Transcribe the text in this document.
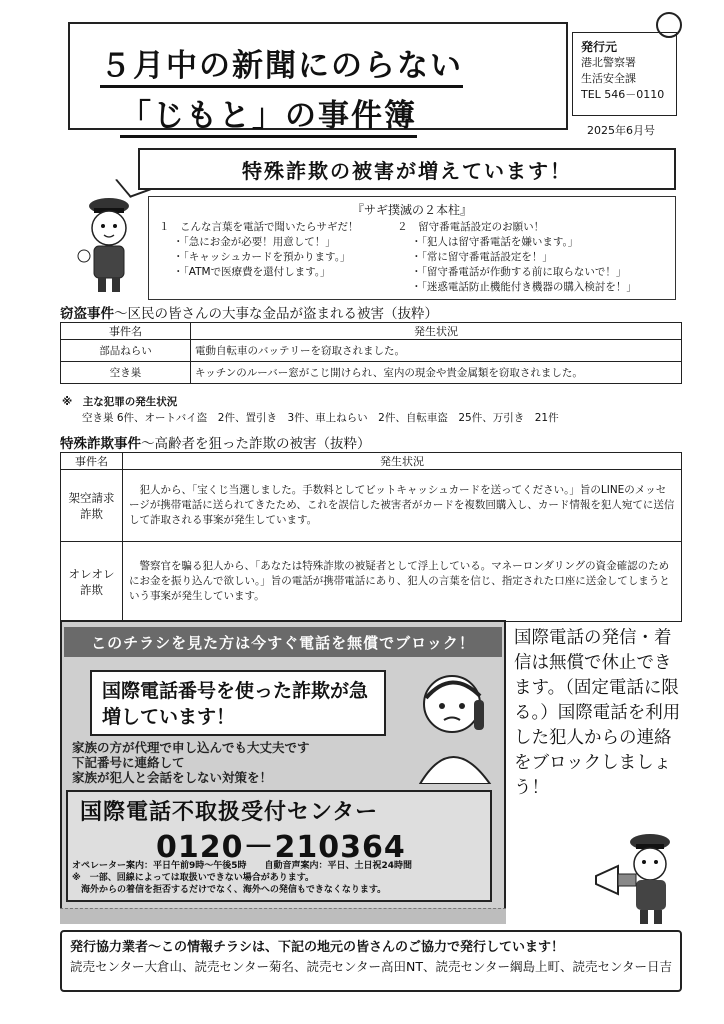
５月中の新聞にのらない
「じもと」の事件簿
発行元
港北警察署
生活安全課
TEL 546－0110
2025年6月号
特殊詐欺の被害が増えています！
『サギ撲滅の２本柱』
１　こんな言葉を電話で聞いたらサギだ！
・「急にお金が必要！用意して！」
・「キャッシュカードを預かります。」
・「ATMで医療費を還付します。」
２　留守番電話設定のお願い！
・「犯人は留守番電話を嫌います。」
・「常に留守番電話設定を！」
・「留守番電話が作動する前に取らないで！」
・「迷惑電話防止機能付き機器の購入検討を！」
窃盗事件～区民の皆さんの大事な金品が盗まれる被害（抜粋）
事件名	発生状況
部品ねらい	電動自転車のバッテリーを窃取されました。
空き巣	キッチンのルーバー窓がこじ開けられ、室内の現金や貴金属類を窃取されました。
※　主な犯罪の発生状況
空き巣 6件、オートバイ盗　2件、置引き　3件、車上ねらい　2件、自転車盗　25件、万引き　21件
特殊詐欺事件～高齢者を狙った詐欺の被害（抜粋）
事件名	発生状況
架空請求詐欺	犯人から、「宝くじ当選しました。手数料としてビットキャッシュカードを送ってください。」旨のLINEのメッセージが携帯電話に送られてきたため、これを誤信した被害者がカードを複数回購入し、カード情報を犯人宛てに送信して詐取される事案が発生しています。
オレオレ詐欺	警察官を騙る犯人から、「あなたは特殊詐欺の被疑者として浮上している。マネーロンダリングの資金確認のためにお金を振り込んで欲しい。」旨の電話が携帯電話にあり、犯人の言葉を信じ、指定された口座に送金してしまうという事案が発生しています。
このチラシを見た方は今すぐ電話を無償でブロック！
国際電話番号を使った詐欺が急増しています！
家族の方が代理で申し込んでも大丈夫です
下記番号に連絡して
家族が犯人と会話をしない対策を！
国際電話不取扱受付センター
0120－210364
オペレーター案内：平日午前9時～午後5時　　自動音声案内：平日、土日祝24時間
※　一部、回線によっては取扱いできない場合があります。
　海外からの着信を拒否するだけでなく、海外への発信もできなくなります。
国際電話の発信・着信は無償で休止できます。（固定電話に限る。）国際電話を利用した犯人からの連絡をブロックしましょう！
発行協力業者～この情報チラシは、下記の地元の皆さんのご協力で発行しています！
読売センター大倉山、読売センター菊名、読売センター高田NT、読売センター綱島上町、読売センター日吉
